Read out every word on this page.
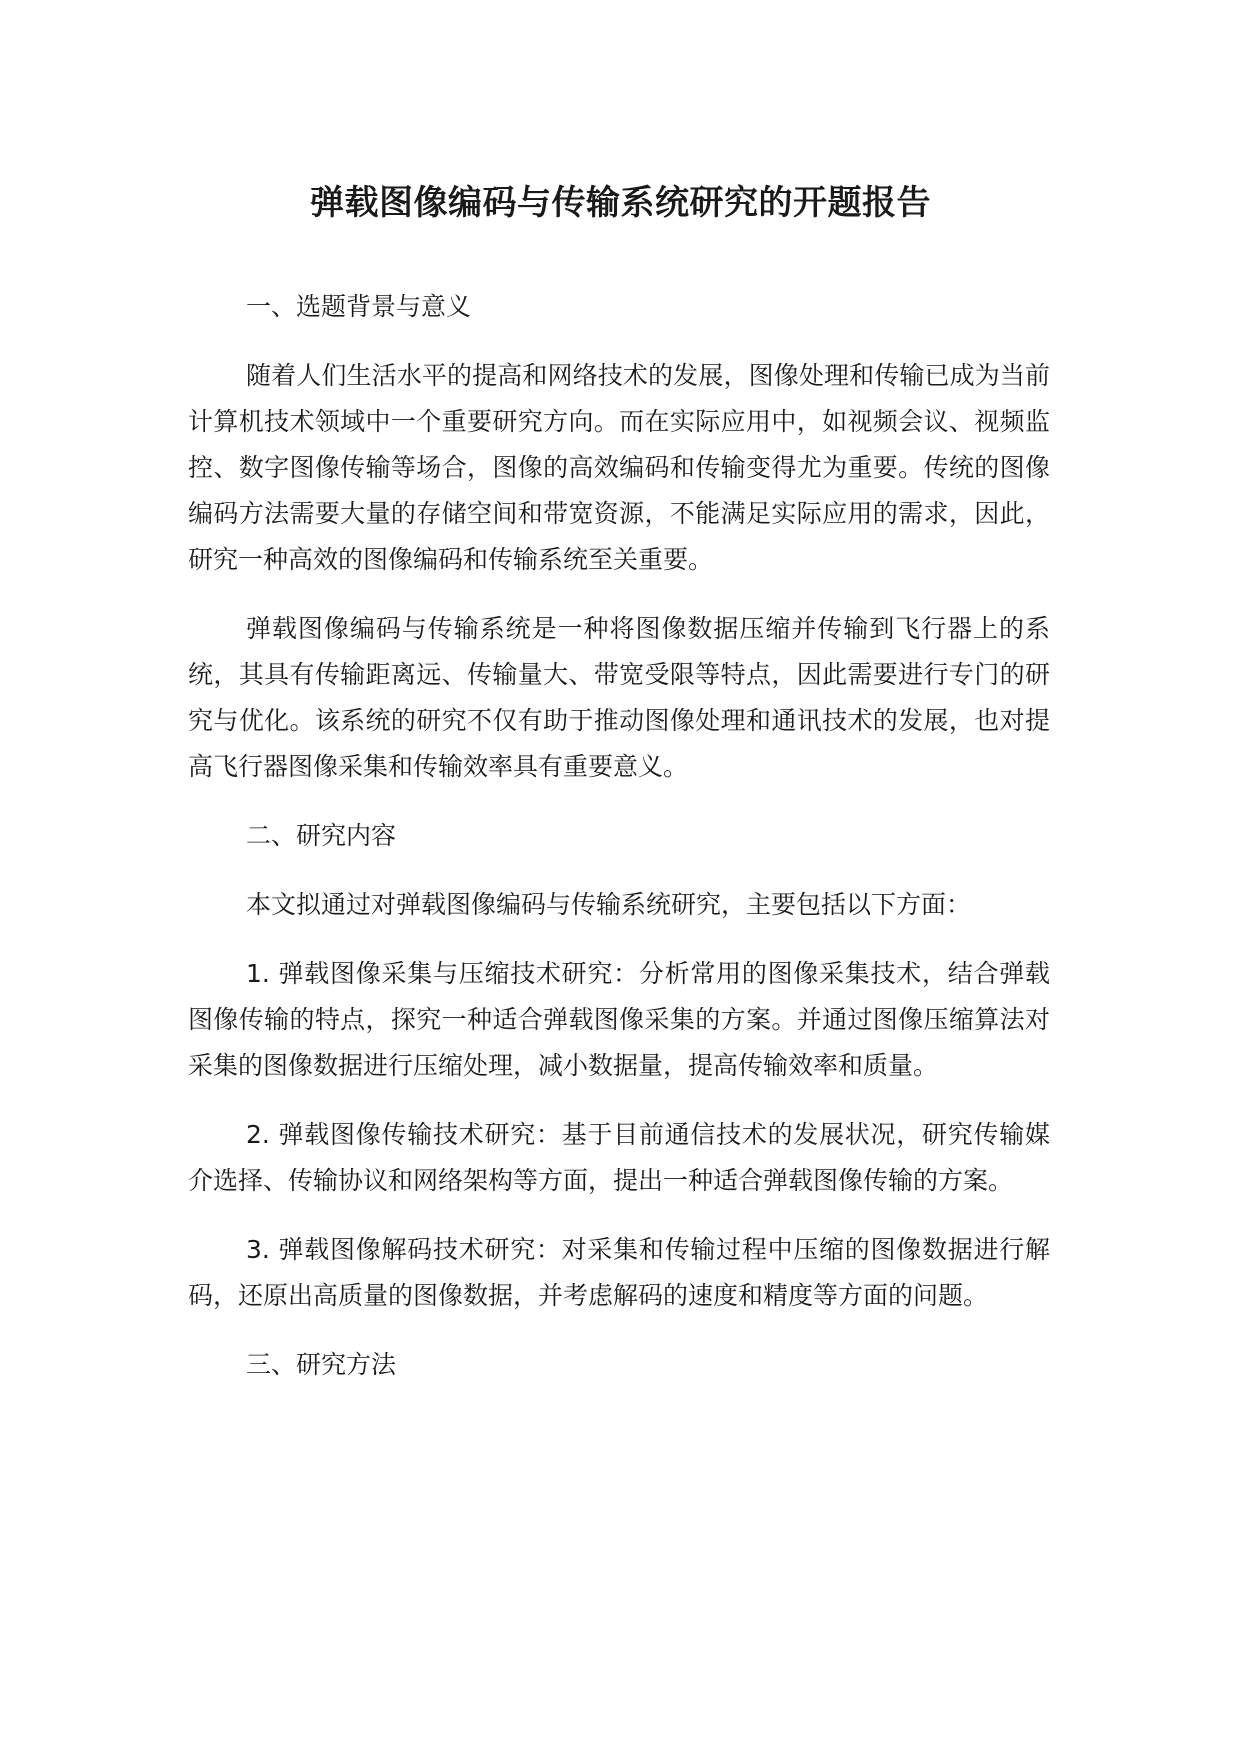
弹载图像编码与传输系统研究的开题报告

一、选题背景与意义

随着人们生活水平的提高和网络技术的发展，图像处理和传输已成为当前计算机技术领域中一个重要研究方向。而在实际应用中，如视频会议、视频监控、数字图像传输等场合，图像的高效编码和传输变得尤为重要。传统的图像编码方法需要大量的存储空间和带宽资源，不能满足实际应用的需求，因此，研究一种高效的图像编码和传输系统至关重要。

弹载图像编码与传输系统是一种将图像数据压缩并传输到飞行器上的系统，其具有传输距离远、传输量大、带宽受限等特点，因此需要进行专门的研究与优化。该系统的研究不仅有助于推动图像处理和通讯技术的发展，也对提高飞行器图像采集和传输效率具有重要意义。

二、研究内容

本文拟通过对弹载图像编码与传输系统研究，主要包括以下方面：

1. 弹载图像采集与压缩技术研究：分析常用的图像采集技术，结合弹载图像传输的特点，探究一种适合弹载图像采集的方案。并通过图像压缩算法对采集的图像数据进行压缩处理，减小数据量，提高传输效率和质量。

2. 弹载图像传输技术研究：基于目前通信技术的发展状况，研究传输媒介选择、传输协议和网络架构等方面，提出一种适合弹载图像传输的方案。

3. 弹载图像解码技术研究：对采集和传输过程中压缩的图像数据进行解码，还原出高质量的图像数据，并考虑解码的速度和精度等方面的问题。

三、研究方法
